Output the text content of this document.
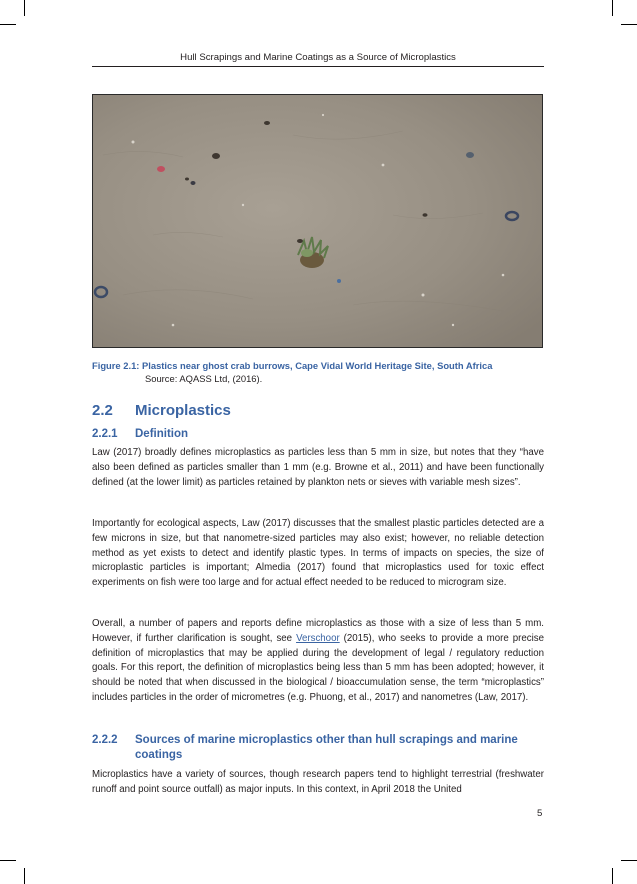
Hull Scrapings and Marine Coatings as a Source of Microplastics
Figure 2.1: Plastics near ghost crab burrows, Cape Vidal World Heritage Site, South Africa
Source: AQASS Ltd, (2016).
2.2 Microplastics
2.2.1 Definition

Law (2017) broadly defines microplastics as particles less than 5 mm in size, but notes that they “have also been defined as particles smaller than 1 mm (e.g. Browne et al., 2011) and have been functionally defined (at the lower limit) as particles retained by plankton nets or sieves with variable mesh sizes”.

Importantly for ecological aspects, Law (2017) discusses that the smallest plastic particles detected are a few microns in size, but that nanometre-sized particles may also exist; however, no reliable detection method as yet exists to detect and identify plastic types. In terms of impacts on species, the size of microplastic particles is important; Almedia (2017) found that microplastics used for toxic effect experiments on fish were too large and for actual effect needed to be reduced to microgram size.

Overall, a number of papers and reports define microplastics as those with a size of less than 5 mm. However, if further clarification is sought, see Verschoor (2015), who seeks to provide a more precise definition of microplastics that may be applied during the development of legal / regulatory reduction goals. For this report, the definition of microplastics being less than 5 mm has been adopted; however, it should be noted that when discussed in the biological / bioaccumulation sense, the term “microplastics” includes particles in the order of micrometres (e.g. Phuong, et al., 2017) and nanometres (Law, 2017).

2.2.2 Sources of marine microplastics other than hull scrapings and marine coatings

Microplastics have a variety of sources, though research papers tend to highlight terrestrial (freshwater runoff and point source outfall) as major inputs. In this context, in April 2018 the United

5
